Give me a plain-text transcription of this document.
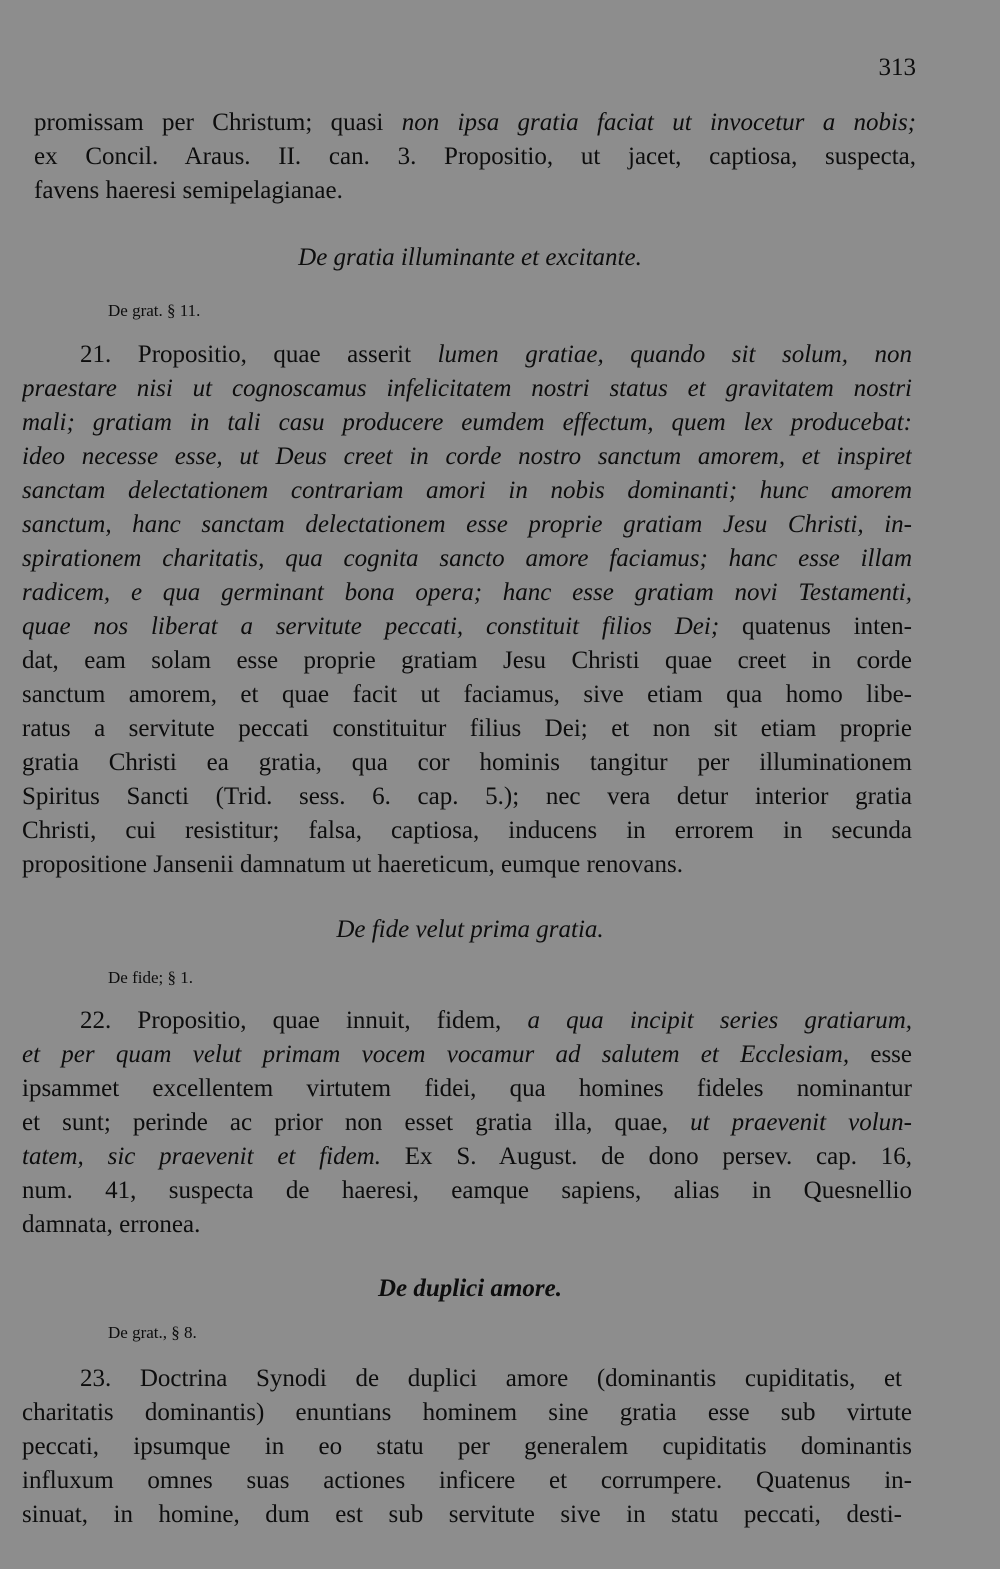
313
promissam per Christum; quasi non ipsa gratia faciat ut invocetur a nobis;
ex Concil. Araus. II. can. 3. Propositio, ut jacet, captiosa, suspecta,
favens haeresi semipelagianae.
De gratia illuminante et excitante.
De grat. § 11.
21. Propositio, quae asserit lumen gratiae, quando sit solum, non
praestare nisi ut cognoscamus infelicitatem nostri status et gravitatem nostri
mali; gratiam in tali casu producere eumdem effectum, quem lex producebat:
ideo necesse esse, ut Deus creet in corde nostro sanctum amorem, et inspiret
sanctam delectationem contrariam amori in nobis dominanti; hunc amorem
sanctum, hanc sanctam delectationem esse proprie gratiam Jesu Christi, in-
spirationem charitatis, qua cognita sancto amore faciamus; hanc esse illam
radicem, e qua germinant bona opera; hanc esse gratiam novi Testamenti,
quae nos liberat a servitute peccati, constituit filios Dei; quatenus inten-
dat, eam solam esse proprie gratiam Jesu Christi quae creet in corde
sanctum amorem, et quae facit ut faciamus, sive etiam qua homo libe-
ratus a servitute peccati constituitur filius Dei; et non sit etiam proprie
gratia Christi ea gratia, qua cor hominis tangitur per illuminationem
Spiritus Sancti (Trid. sess. 6. cap. 5.); nec vera detur interior gratia
Christi, cui resistitur; falsa, captiosa, inducens in errorem in secunda
propositione Jansenii damnatum ut haereticum, eumque renovans.
De fide velut prima gratia.
De fide; § 1.
22. Propositio, quae innuit, fidem, a qua incipit series gratiarum,
et per quam velut primam vocem vocamur ad salutem et Ecclesiam, esse
ipsammet excellentem virtutem fidei, qua homines fideles nominantur
et sunt; perinde ac prior non esset gratia illa, quae, ut praevenit volun-
tatem, sic praevenit et fidem. Ex S. August. de dono persev. cap. 16,
num. 41, suspecta de haeresi, eamque sapiens, alias in Quesnellio
damnata, erronea.
De duplici amore.
De grat., § 8.
23. Doctrina Synodi de duplici amore (dominantis cupiditatis, et
charitatis dominantis) enuntians hominem sine gratia esse sub virtute
peccati, ipsumque in eo statu per generalem cupiditatis dominantis
influxum omnes suas actiones inficere et corrumpere. Quatenus in-
sinuat, in homine, dum est sub servitute sive in statu peccati, desti-
